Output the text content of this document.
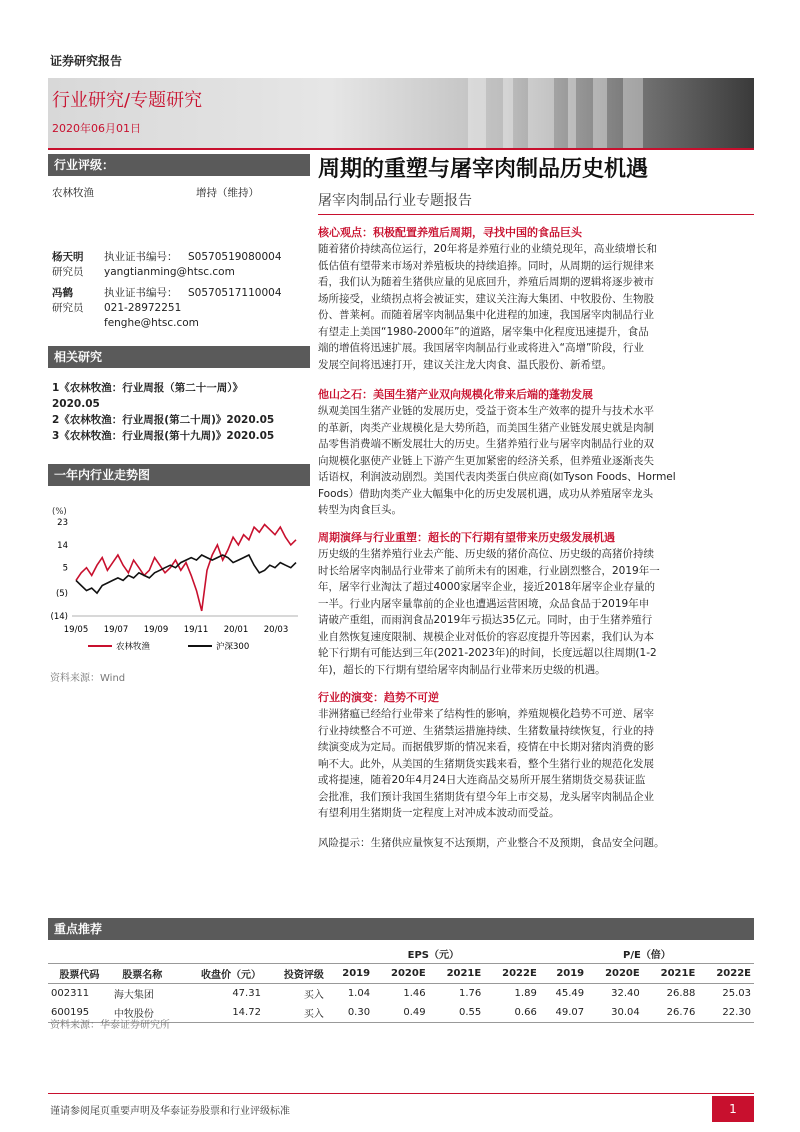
证券研究报告
行业研究/专题研究
2020年06月01日
行业评级：
农林牧渔	增持（维持）
杨天明
研究员
执业证书编号： S0570519080004
yangtianming@htsc.com
冯鹤
研究员
执业证书编号： S0570517110004
021-28972251
fenghe@htsc.com
相关研究
1《农林牧渔：行业周报（第二十一周）》
2020.05
2《农林牧渔：行业周报(第二十周)》2020.05
3《农林牧渔：行业周报(第十九周)》2020.05
一年内行业走势图
(%)
23
14
5
(5)
(14)
19/05 19/07 19/09 19/11 20/01 20/03
农林牧渔	沪深300
资料来源：Wind
周期的重塑与屠宰肉制品历史机遇
屠宰肉制品行业专题报告
核心观点：积极配置养殖后周期，寻找中国的食品巨头
随着猪价持续高位运行，20年将是养殖行业的业绩兑现年，高业绩增长和
低估值有望带来市场对养殖板块的持续追捧。同时，从周期的运行规律来
看，我们认为随着生猪供应量的见底回升，养殖后周期的逻辑将逐步被市
场所接受，业绩拐点将会被证实，建议关注海大集团、中牧股份、生物股
份、普莱柯。而随着屠宰肉制品集中化进程的加速，我国屠宰肉制品行业
有望走上美国“1980-2000年”的道路，屠宰集中化程度迅速提升，食品
端的增值将迅速扩展。我国屠宰肉制品行业或将进入“高增”阶段，行业
发展空间将迅速打开，建议关注龙大肉食、温氏股份、新希望。
他山之石：美国生猪产业双向规模化带来后端的蓬勃发展
纵观美国生猪产业链的发展历史，受益于资本生产效率的提升与技术水平
的革新，肉类产业规模化是大势所趋，而美国生猪产业链发展史就是肉制
品零售消费端不断发展壮大的历史。生猪养殖行业与屠宰肉制品行业的双
向规模化驱使产业链上下游产生更加紧密的经济关系，但养殖业逐渐丧失
话语权，利润波动剧烈。美国代表肉类蛋白供应商(如Tyson Foods、Hormel
Foods）借助肉类产业大幅集中化的历史发展机遇，成功从养殖屠宰龙头
转型为肉食巨头。
周期演绎与行业重塑：超长的下行期有望带来历史级发展机遇
历史级的生猪养殖行业去产能、历史级的猪价高位、历史级的高猪价持续
时长给屠宰肉制品行业带来了前所未有的困难，行业剧烈整合，2019年一
年，屠宰行业淘汰了超过4000家屠宰企业，接近2018年屠宰企业存量的
一半。行业内屠宰量靠前的企业也遭遇运营困境，众品食品于2019年申
请破产重组，而雨润食品2019年亏损达35亿元。同时，由于生猪养殖行
业自然恢复速度限制、规模企业对低价的容忍度提升等因素，我们认为本
轮下行期有可能达到三年(2021-2023年)的时间，长度远超以往周期(1-2
年)，超长的下行期有望给屠宰肉制品行业带来历史级的机遇。
行业的演变：趋势不可逆
非洲猪瘟已经给行业带来了结构性的影响，养殖规模化趋势不可逆、屠宰
行业持续整合不可逆、生猪禁运措施持续、生猪数量持续恢复，行业的持
续演变成为定局。而据俄罗斯的情况来看，疫情在中长期对猪肉消费的影
响不大。此外，从美国的生猪期货实践来看，整个生猪行业的规范化发展
或将提速，随着20年4月24日大连商品交易所开展生猪期货交易获证监
会批准，我们预计我国生猪期货有望今年上市交易，龙头屠宰肉制品企业
有望利用生猪期货一定程度上对冲成本波动而受益。
风险提示：生猪供应量恢复不达预期，产业整合不及预期，食品安全问题。
重点推荐
				EPS（元）				P/E（倍）			
股票代码	股票名称	收盘价（元）	投资评级	2019	2020E	2021E	2022E	2019	2020E	2021E	2022E
002311	海大集团	47.31	买入	1.04	1.46	1.76	1.89	45.49	32.40	26.88	25.03
600195	中牧股份	14.72	买入	0.30	0.49	0.55	0.66	49.07	30.04	26.76	22.30
资料来源：华泰证券研究所
谨请参阅尾页重要声明及华泰证券股票和行业评级标准	1
